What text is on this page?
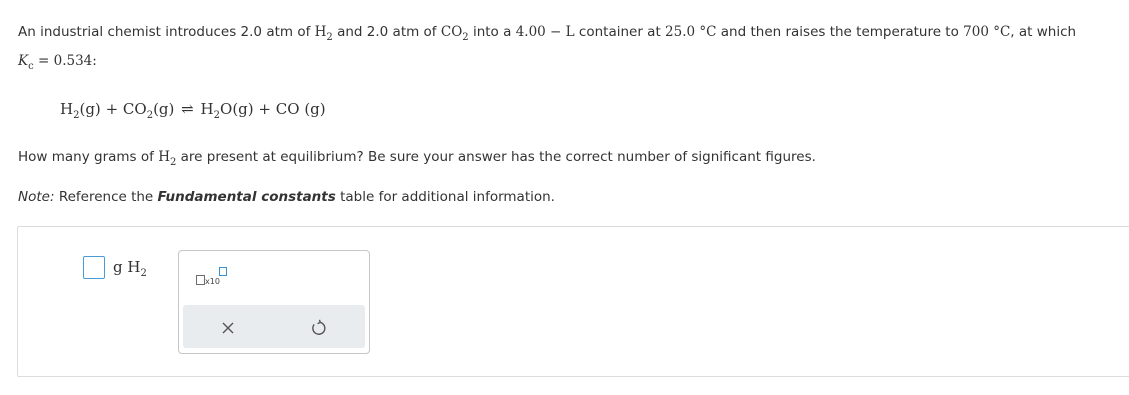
An industrial chemist introduces 2.0 atm of $H_2$ and 2.0 atm of $CO_2$ into a 4.00 − L container at 25.0 °C and then raises the temperature to 700 °C, at which
$K_c = 0.534$:
$H_2(g) + CO_2(g)$ ⇌ $H_2O(g)$ + CO (g)
How many grams of $H_2$ are present at equilibrium? Be sure your answer has the correct number of significant figures.
Note: Reference the Fundamental constants table for additional information.
g $H_2$
x10
